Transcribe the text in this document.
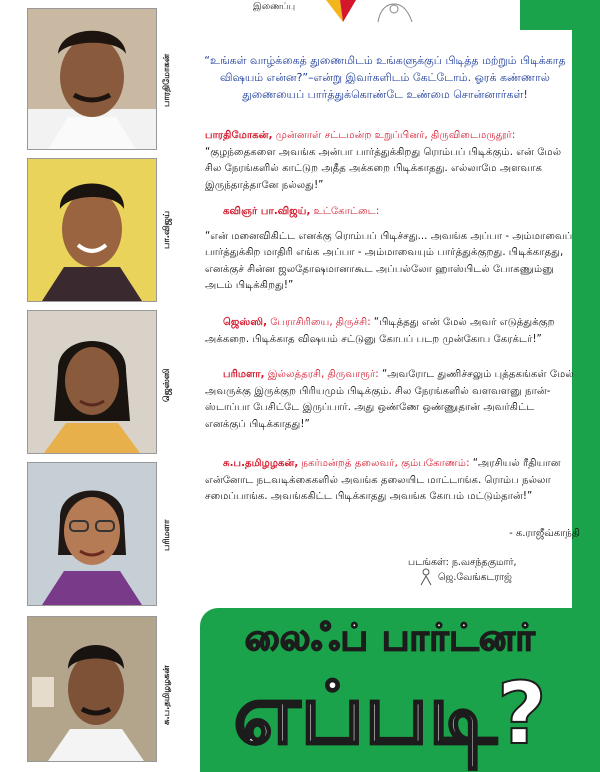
இணைப்பு
பாரதிமோகன்
பா.விஜய்
ஜெஸ்ஸி
பரிமளா
சு.ப.தமிழழகன்
“உங்கள் வாழ்க்கைத் துணைமிடம் உங்களுக்குப் பிடித்த மற்றும் பிடிக்காத விஷயம் என்ன?”–என்று இவர்களிடம் கேட்டோம். ஓரக் கண்ணால் துணையைப் பார்த்துக்கொண்டே உண்மை சொன்னார்கள்!
பாரதிமோகன், முன்னாள் சட்டமன்ற உறுப்பினர், திருவிடைமருதூர்: “குழந்தைகளை அவங்க அன்பா பார்த்துக்கிறது ரொம்பப் பிடிக்கும். என் மேல் சில நேரங்களில் காட்டுற அதீத அக்கறை பிடிக்காதது. எல்லாமே அளவாக இருந்தாத்தானே நல்லது!”
கவிஞர் பா.விஜய், உட்கோட்டை:
“என் மனைவிகிட்ட எனக்கு ரொம்பப் பிடிச்சது... அவங்க அப்பா - அம்மாவைப் பார்த்துக்கிற மாதிரி எங்க அப்பா - அம்மாவையும் பார்த்துக்குறது. பிடிக்காதது, எனக்குச் சின்ன ஜலதோஷமானாகூட அப்பல்லோ ஹாஸ்பிடல் போகணும்னு அடம் பிடிக்கிறது!”
ஜெஸ்ஸி, பேராசிரியை, திருச்சி: “பிடித்தது என் மேல் அவர் எடுத்துக்குற அக்கறை. பிடிக்காத விஷயம் சட்டுனு கோபப் படற முன்கோப கேரக்டர்!”
பரிமளா, இல்லத்தரசி, திருவாரூர்: “அவரோட துணிச்சலும் புத்தகங்கள் மேல் அவருக்கு இருக்குற பிரியமும் பிடிக்கும். சில நேரங்களில் வளவளனு நான்-ஸ்டாப்பா பேசிட்டே இருப்பார். அது ஒண்ணே ஒண்ணுதான் அவர்கிட்ட எனக்குப் பிடிக்காதது!”
சு.ப.தமிழழகன், நகர்மன்றத் தலைவர், கும்பகோணம்: “அரசியல் ரீதியான என்னோட நடவடிக்கைகளில் அவங்க தலையிட மாட்டாங்க. ரொம்ப நல்லா சமைப்பாங்க. அவங்ககிட்ட பிடிக்காதது அவங்க கோபம் மட்டும்தான்!”
- க.ராஜீவ்காந்தி
படங்கள்: ந.வசந்தகுமார்,
ஜெ.வேங்கடராஜ்
லைஃப் பார்ட்னர்
எப்படி?
